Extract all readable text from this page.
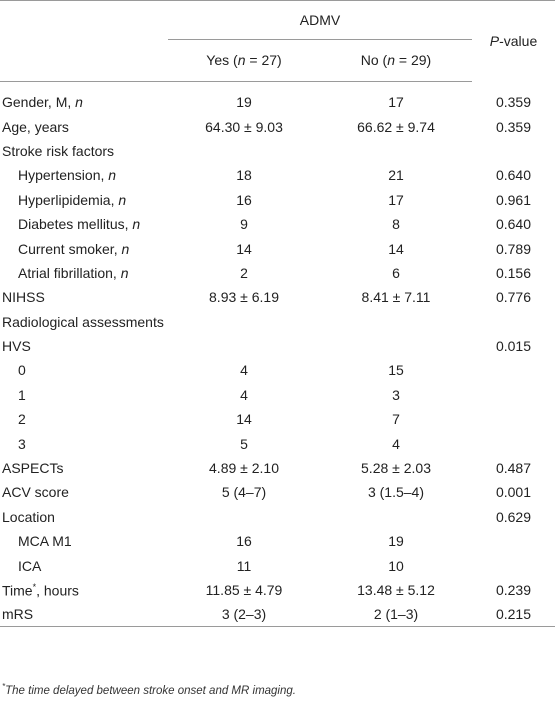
	ADMV		P-value
	Yes (n = 27)	No (n = 29)	
Gender, M, n	19	17	0.359
Age, years	64.30 ± 9.03	66.62 ± 9.74	0.359
Stroke risk factors			
Hypertension, n	18	21	0.640
Hyperlipidemia, n	16	17	0.961
Diabetes mellitus, n	9	8	0.640
Current smoker, n	14	14	0.789
Atrial fibrillation, n	2	6	0.156
NIHSS	8.93 ± 6.19	8.41 ± 7.11	0.776
Radiological assessments			
HVS			0.015
0	4	15	
1	4	3	
2	14	7	
3	5	4	
ASPECTs	4.89 ± 2.10	5.28 ± 2.03	0.487
ACV score	5 (4–7)	3 (1.5–4)	0.001
Location			0.629
MCA M1	16	19	
ICA	11	10	
Time*, hours	11.85 ± 4.79	13.48 ± 5.12	0.239
mRS	3 (2–3)	2 (1–3)	0.215
*The time delayed between stroke onset and MR imaging.
